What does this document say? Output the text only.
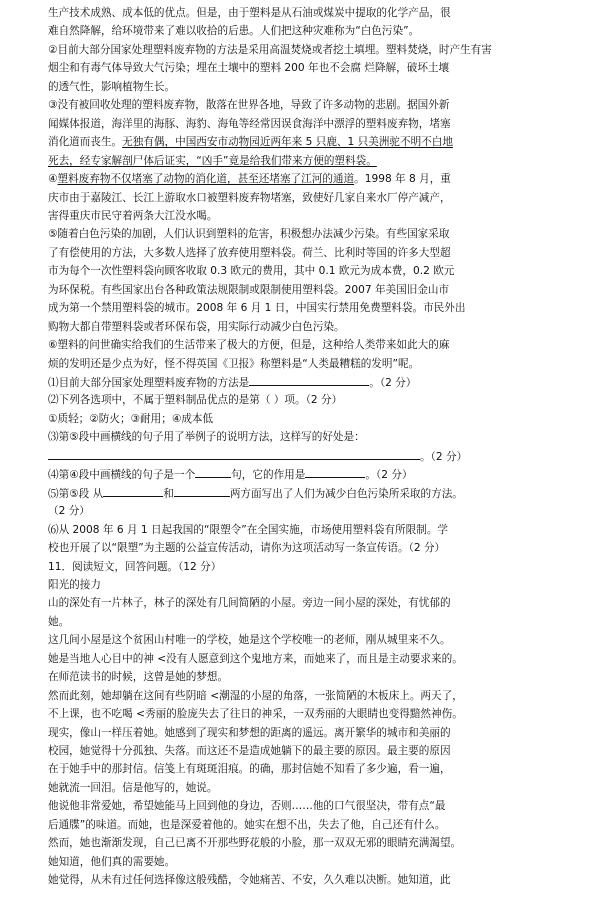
生产技术成熟、成本低的优点。但是，由于塑料是从石油或煤炭中提取的化学产品，很
难自然降解，给环境带来了难以收拾的后患。人们把这种灾难称为“白色污染”。
②目前大部分国家处理塑料废弃物的方法是采用高温焚烧或者挖土填埋。塑料焚烧，时产生有害
烟尘和有毒气体导致大气污染；埋在土壤中的塑料 200 年也不会腐 烂降解，破坏土壤
的透气性，影响植物生长。
③没有被回收处理的塑料废弃物，散落在世界各地，导致了许多动物的悲剧。据国外新
闻媒体报道，海洋里的海豚、海豹、海龟等经常因误食海洋中漂浮的塑料废弃物，堵塞
消化道而丧生。无独有偶，中国西安市动物园近两年来 5 只鹿、1 只美洲驼不明不白地
死去，经专家解剖尸体后证实，“凶手”竟是给我们带来方便的塑料袋。
④塑料废弃物不仅堵塞了动物的消化道，甚至还堵塞了江河的通道。1998 年 8 月，重
庆市由于嘉陵江、长江上游取水口被塑料废弃物堵塞，致使好几家自来水厂停产减产，
害得重庆市民守着两条大江没水喝。
⑤随着白色污染的加剧，人们认识到塑料的危害，积极想办法减少污染。有些国家采取
了有偿使用的方法，大多数人选择了放弃使用塑料袋。荷兰、比利时等国的许多大型超
市为每个一次性塑料袋向顾客收取 0.3 欧元的费用，其中 0.1 欧元为成本费，0.2 欧元
为环保税。有些国家出台各种政策法规限制或限制使用塑料袋。2007 年美国旧金山市
成为第一个禁用塑料袋的城市。2008 年 6 月 1 日，中国实行禁用免费塑料袋。市民外出
购物大都自带塑料袋或者环保布袋，用实际行动减少白色污染。
⑥塑料的问世确实给我们的生活带来了极大的方便，但是，这种给人类带来如此大的麻
烦的发明还是少点为好，怪不得英国《卫报》称塑料是“人类最糟糕的发明”呢。
⑴目前大部分国家处理塑料废弃物的方法是	。（2 分）
⑵下列各选项中，不属于塑料制品优点的是第（ ）项。（2 分）
①质轻；②防火；③耐用；④成本低
⑶第⑤段中画横线的句子用了举例子的说明方法，这样写的好处是：
。（2 分）
⑷第④段中画横线的句子是一个	句，它的作用是	。（2 分）
⑸第⑤段 从	和	两方面写出了人们为减少白色污染所采取的方法。
（2 分）
⑹从 2008 年 6 月 1 日起我国的“限塑令”在全国实施，市场使用塑料袋有所限制。学
校也开展了以“限塑”为主题的公益宣传活动，请你为这项活动写一条宣传语。（2 分）
11．阅读短文，回答问题。（12 分）
阳光的接力
山的深处有一片林子，林子的深处有几间简陋的小屋。旁边一间小屋的深处，有忧郁的
她。
这几间小屋是这个贫困山村唯一的学校，她是这个学校唯一的老师，刚从城里来不久。
她是当地人心目中的神 <没有人愿意到这个鬼地方来，而她来了，而且是主动要求来的。
在师范读书的时候，这曾是她的梦想。
然而此刻，她却躺在这间有些阴暗 <潮湿的小屋的角落，一张简陋的木板床上。两天了，
不上课，也不吃喝 <秀丽的脸庞失去了往日的神采，一双秀丽的大眼睛也变得黯然神伤。
现实，像山一样压着她。她感到了现实和梦想的距离的遥远。离开繁华的城市和美丽的
校园，她觉得十分孤独、失落。而这还不是造成她躺下的最主要的原因。最主要的原因
在于她手中的那封信。信笺上有斑斑泪痕。的确，那封信她不知看了多少遍，看一遍，
她就流一回泪。信是他写的，她说。
他说他非常爱她，希望她能马上回到他的身边，否则……他的口气很坚决，带有点“最
后通牒”的味道。而她，也是深爱着他的。她实在想不出，失去了他，自己还有什么。
然而，她也渐渐发现，自己已离不开那些野花般的小脸，那一双双无邪的眼睛充满渴望。
她知道，他们真的需要她。
她觉得，从未有过任何选择像这般残酷，令她痛苦、不安，久久难以决断。她知道，此
